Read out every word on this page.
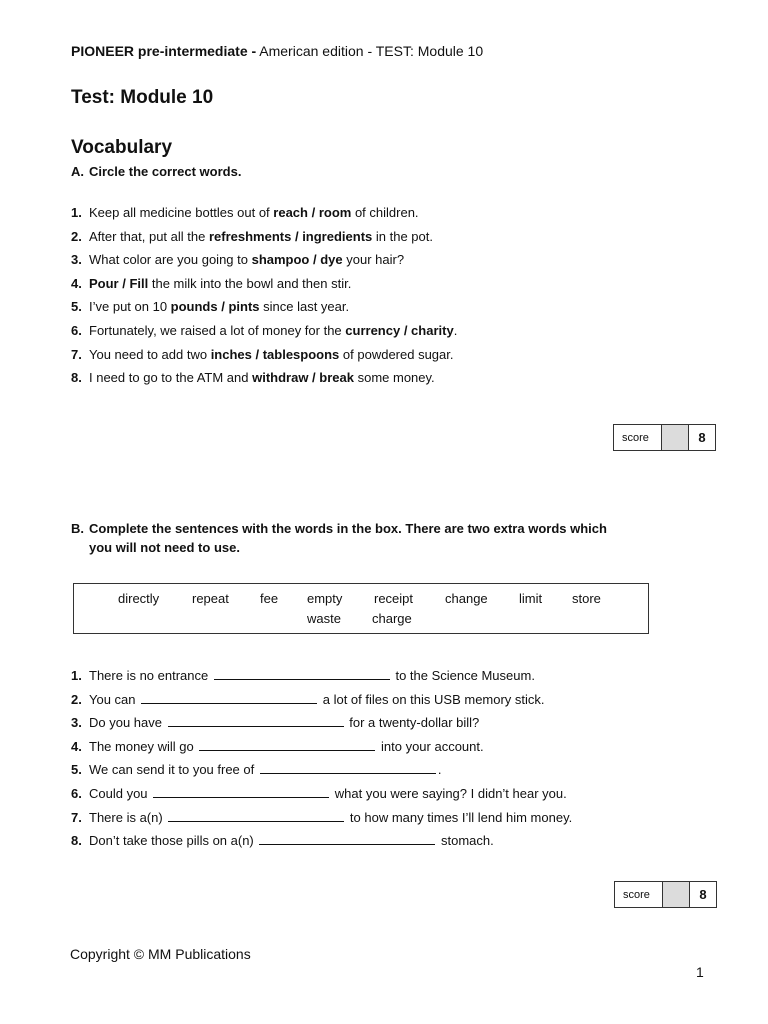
PIONEER pre-intermediate - American edition - TEST: Module 10
Test: Module 10
Vocabulary
A. Circle the correct words.
1. Keep all medicine bottles out of reach / room of children.
2. After that, put all the refreshments / ingredients in the pot.
3. What color are you going to shampoo / dye your hair?
4. Pour / Fill the milk into the bowl and then stir.
5. I’ve put on 10 pounds / pints since last year.
6. Fortunately, we raised a lot of money for the currency / charity.
7. You need to add two inches / tablespoons of powdered sugar.
8. I need to go to the ATM and withdraw / break some money.
score	8
B. Complete the sentences with the words in the box. There are two extra words which
you will not need to use.
directly	repeat fee empty receipt change limit store
waste charge
1. There is no entrance	to the Science Museum.
2. You can	a lot of files on this USB memory stick.
3. Do you have	for a twenty-dollar bill?
4. The money will go	into your account.
5. We can send it to you free of	.
6. Could you	what you were saying? I didn’t hear you.
7. There is a(n)	to how many times I’ll lend him money.
8. Don’t take those pills on a(n)	stomach.
score	8
Copyright © MM Publications
1
